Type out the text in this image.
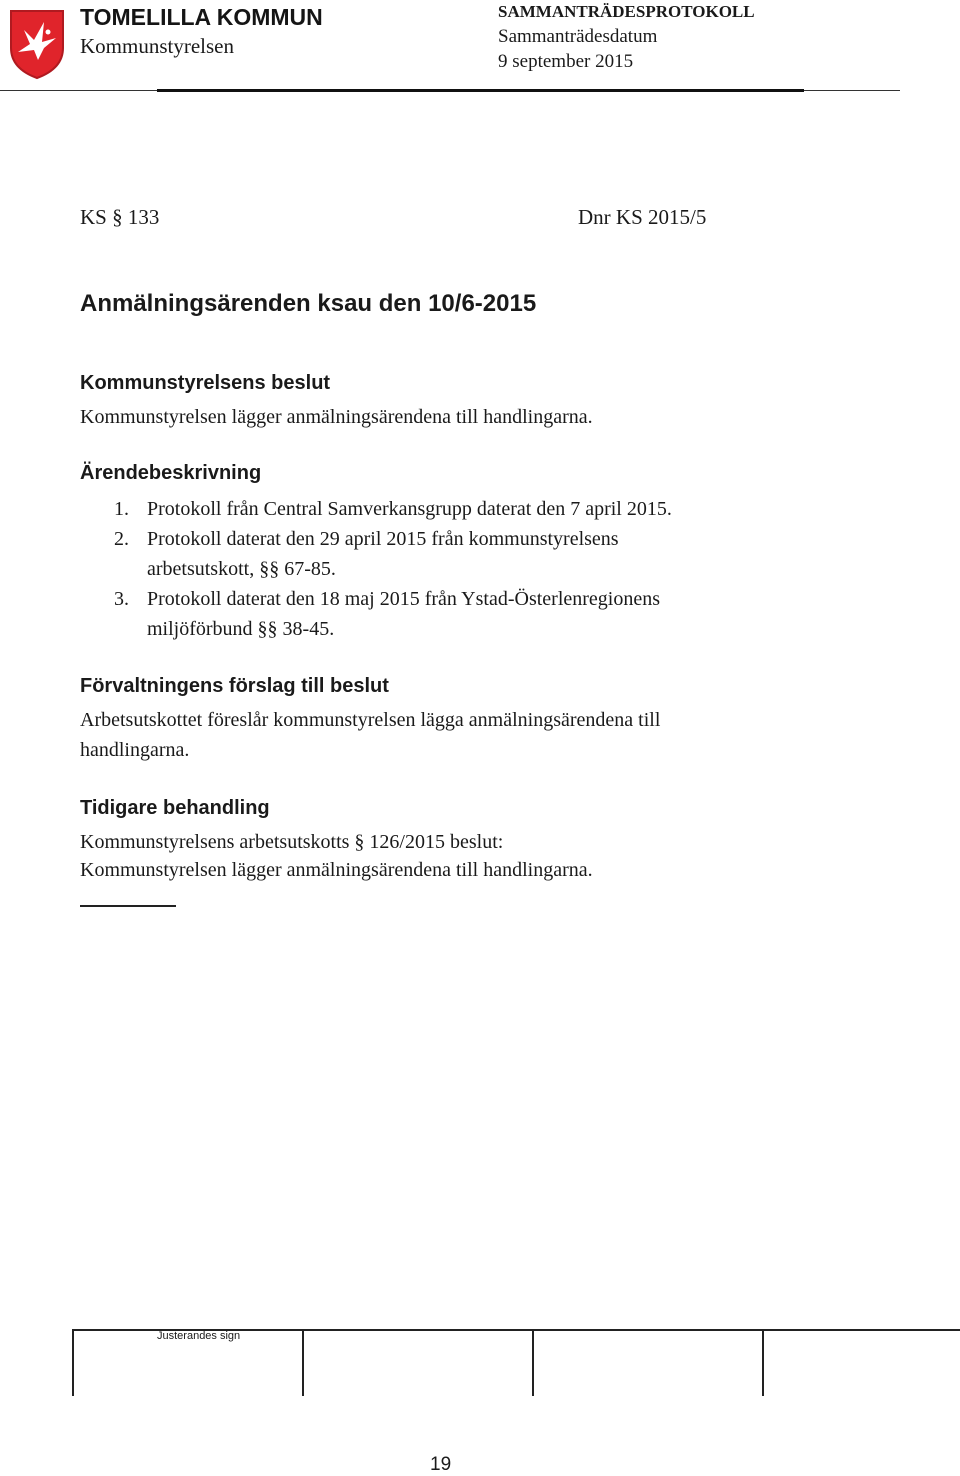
TOMELILLA KOMMUN
Kommunstyrelsen
SAMMANTRÄDESPROTOKOLL
Sammanträdesdatum
9 september 2015
KS § 133	Dnr KS 2015/5
Anmälningsärenden ksau den 10/6-2015
Kommunstyrelsens beslut
Kommunstyrelsen lägger anmälningsärendena till handlingarna.
Ärendebeskrivning
1. Protokoll från Central Samverkansgrupp daterat den 7 april 2015.
2. Protokoll daterat den 29 april 2015 från kommunstyrelsens
arbetsutskott, §§ 67-85.
3. Protokoll daterat den 18 maj 2015 från Ystad-Österlenregionens
miljöförbund §§ 38-45.
Förvaltningens förslag till beslut
Arbetsutskottet föreslår kommunstyrelsen lägga anmälningsärendena till
handlingarna.
Tidigare behandling
Kommunstyrelsens arbetsutskotts § 126/2015 beslut:
Kommunstyrelsen lägger anmälningsärendena till handlingarna.
Justerandes sign
19
